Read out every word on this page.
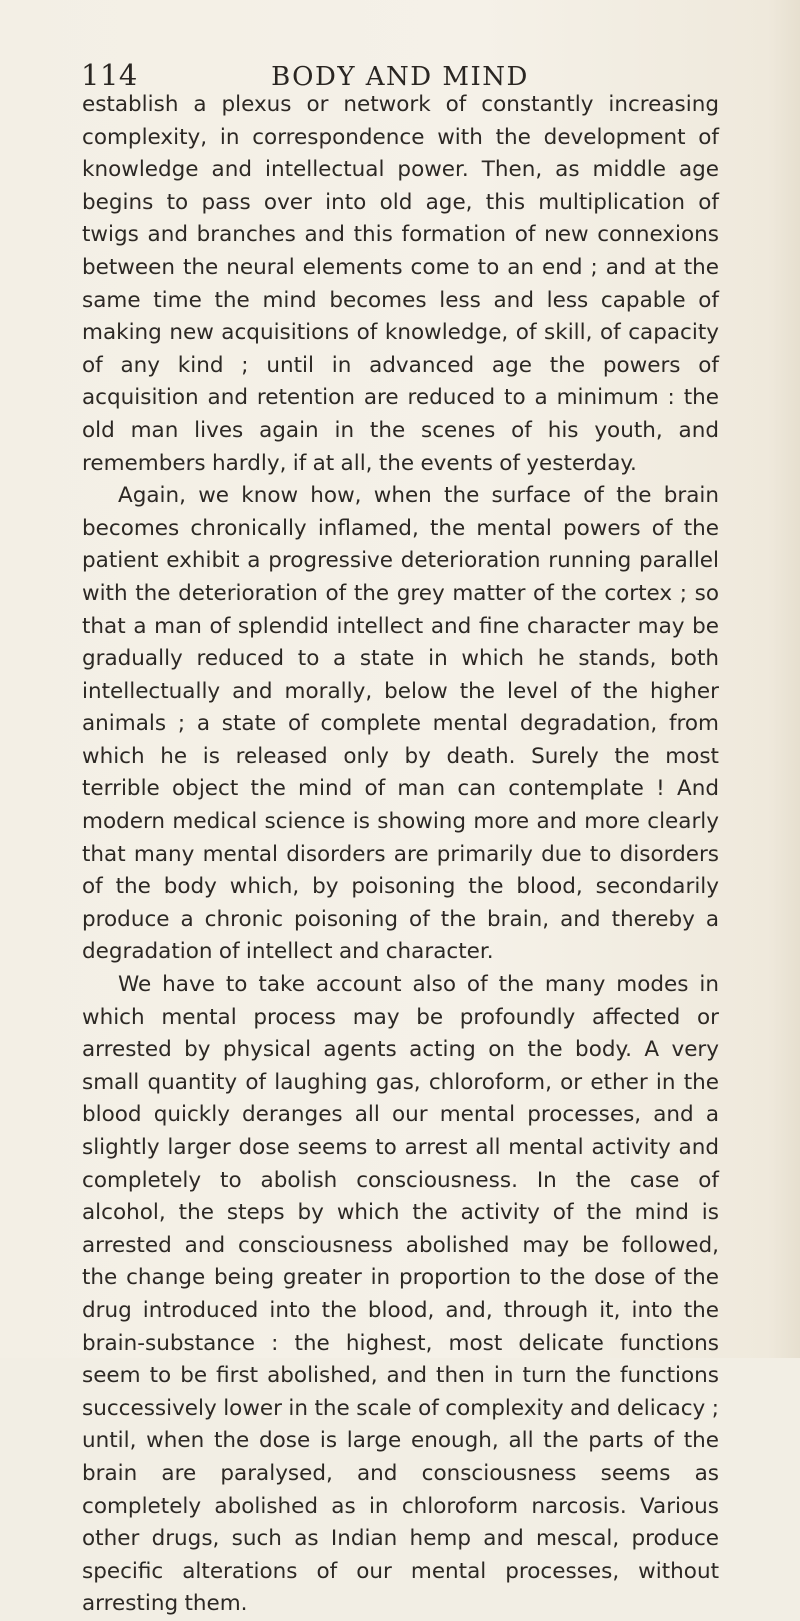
114	BODY AND MIND

establish a plexus or network of constantly increasing complexity, in correspondence with the development of knowledge and intellectual power. Then, as middle age begins to pass over into old age, this multiplication of twigs and branches and this formation of new connexions between the neural elements come to an end ; and at the same time the mind becomes less and less capable of making new acquisitions of knowledge, of skill, of capacity of any kind ; until in advanced age the powers of acquisition and retention are reduced to a minimum : the old man lives again in the scenes of his youth, and remembers hardly, if at all, the events of yesterday.

Again, we know how, when the surface of the brain becomes chronically inflamed, the mental powers of the patient exhibit a progressive deterioration running parallel with the deterioration of the grey matter of the cortex ; so that a man of splendid intellect and fine character may be gradually reduced to a state in which he stands, both intellectually and morally, below the level of the higher animals ; a state of complete mental degradation, from which he is released only by death. Surely the most terrible object the mind of man can contemplate ! And modern medical science is showing more and more clearly that many mental disorders are primarily due to disorders of the body which, by poisoning the blood, secondarily produce a chronic poisoning of the brain, and thereby a degradation of intellect and character.

We have to take account also of the many modes in which mental process may be profoundly affected or arrested by physical agents acting on the body. A very small quantity of laughing gas, chloroform, or ether in the blood quickly deranges all our mental processes, and a slightly larger dose seems to arrest all mental activity and completely to abolish consciousness. In the case of alcohol, the steps by which the activity of the mind is arrested and consciousness abolished may be followed, the change being greater in proportion to the dose of the drug introduced into the blood, and, through it, into the brain-substance : the highest, most delicate functions seem to be first abolished, and then in turn the functions successively lower in the scale of complexity and delicacy ; until, when the dose is large enough, all the parts of the brain are paralysed, and consciousness seems as completely abolished as in chloroform narcosis. Various other drugs, such as Indian hemp and mescal, produce specific alterations of our mental processes, without arresting them.
